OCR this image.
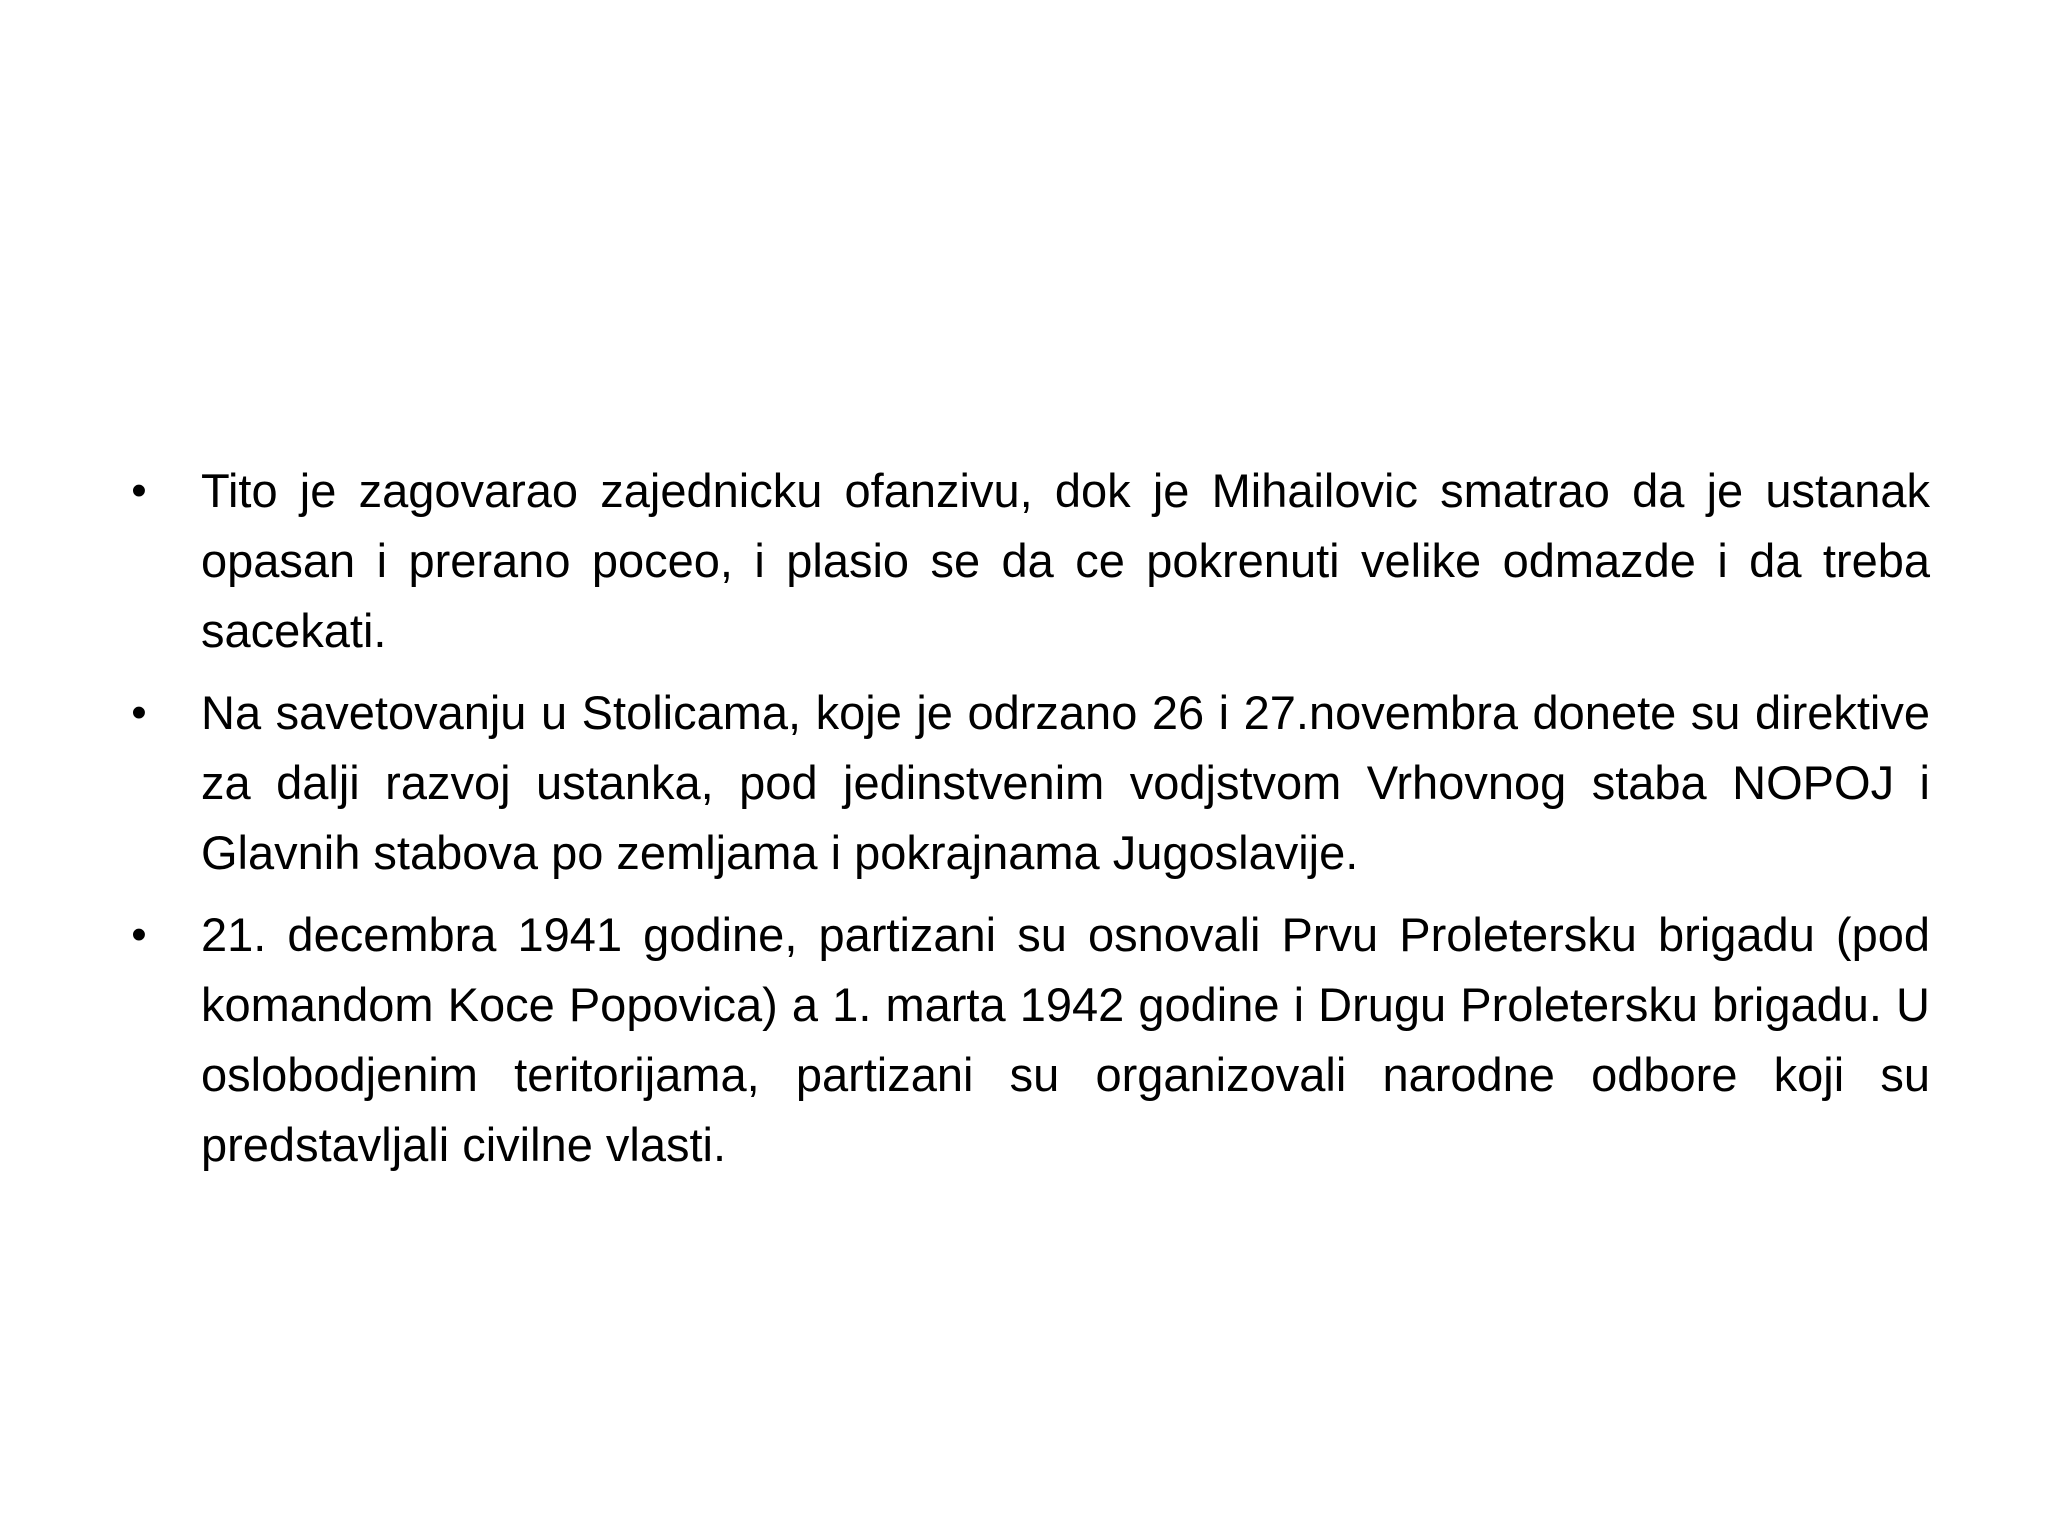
• Tito je zagovarao zajednicku ofanzivu, dok je Mihailovic smatrao da je ustanak opasan i prerano poceo, i plasio se da ce pokrenuti velike odmazde i da treba sacekati.
• Na savetovanju u Stolicama, koje je odrzano 26 i 27.novembra donete su direktive za dalji razvoj ustanka, pod jedinstvenim vodjstvom Vrhovnog staba NOPOJ i Glavnih stabova po zemljama i pokrajnama Jugoslavije.
• 21. decembra 1941 godine, partizani su osnovali Prvu Proletersku brigadu (pod komandom Koce Popovica) a 1. marta 1942 godine i Drugu Proletersku brigadu. U oslobodjenim teritorijama, partizani su organizovali narodne odbore koji su predstavljali civilne vlasti.
